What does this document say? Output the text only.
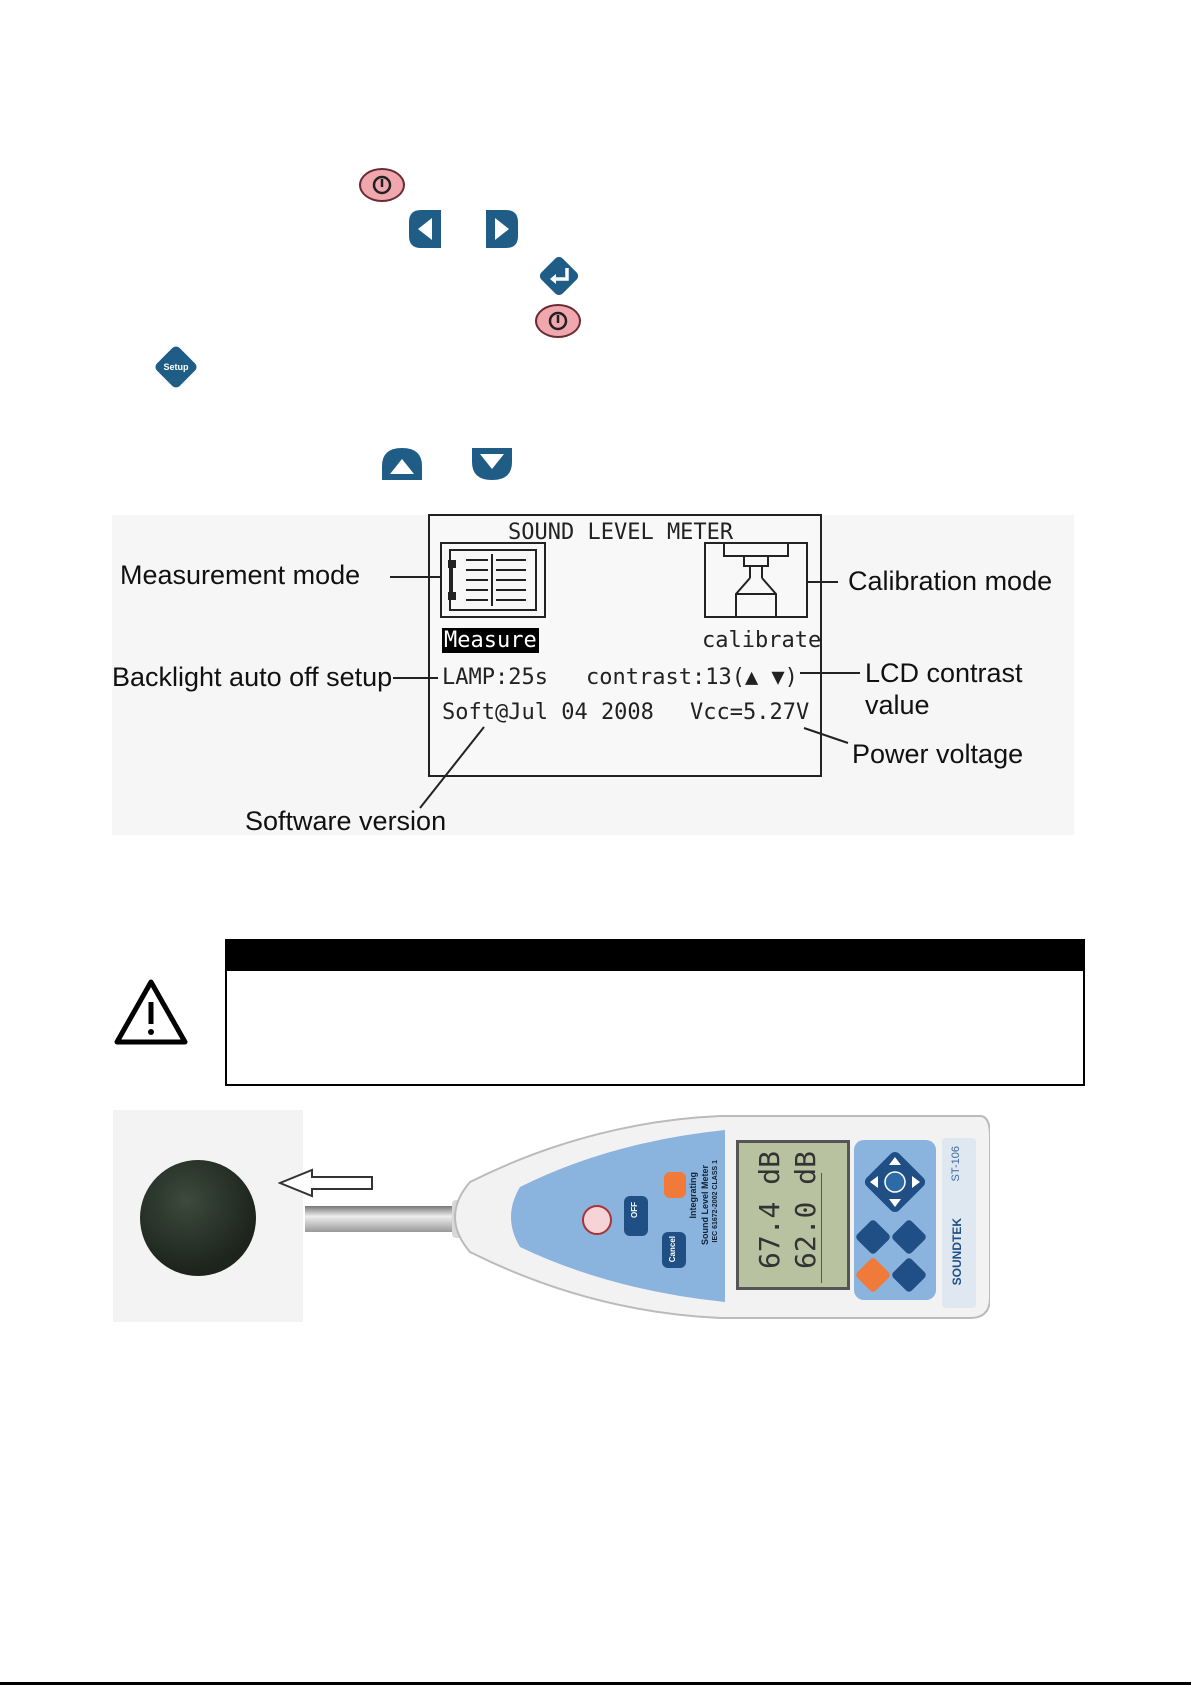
Setup
SOUND LEVEL METER
Measure	calibrate
LAMP:25s contrast:13(▲ ▼)
Soft@Jul 04 2008 Vcc=5.27V
Measurement mode	Calibration mode
Backlight auto off setup	LCD contrast
value
Power voltage
Software version
OFF
Cancel
Integrating Sound Level Meter IEC 61672-2002 CLASS 1 67.4 dB 62.0 dB	ST-106
SOUNDTEK
